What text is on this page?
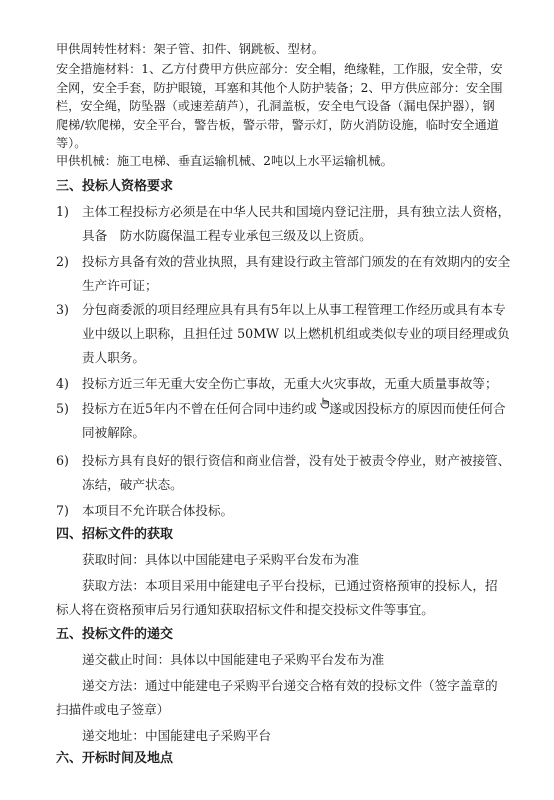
甲供周转性材料：架子管、扣件、钢跳板、型材。
安全措施材料：1、乙方付费甲方供应部分：安全帽，绝缘鞋，工作服，安全带，安全网，安全手套，防护眼镜，耳塞和其他个人防护装备；2、甲方供应部分：安全围栏，安全绳，防坠器（或速差葫芦），孔洞盖板，安全电气设备（漏电保护器），钢爬梯/软爬梯，安全平台，警告板，警示带，警示灯，防火消防设施，临时安全通道等）。
甲供机械：施工电梯、垂直运输机械、2吨以上水平运输机械。
三、投标人资格要求
1)	主体工程投标方必须是在中华人民共和国境内登记注册，具有独立法人资格，具备　防水防腐保温工程专业承包三级及以上资质。
2)	投标方具备有效的营业执照，具有建设行政主管部门颁发的在有效期内的安全生产许可证；
3)	分包商委派的项目经理应具有具有5年以上从事工程管理工作经历或具有本专业中级以上职称，且担任过 50MW 以上燃机机组或类似专业的项目经理或负责人职务。
4)	投标方近三年无重大安全伤亡事故，无重大火灾事故，无重大质量事故等；
5)	投标方在近5年内不曾在任何合同中违约或　遂或因投标方的原因而使任何合同被解除。
6)	投标方具有良好的银行资信和商业信誉，没有处于被责令停业，财产被接管、冻结，破产状态。
7)	本项目不允许联合体投标。
四、招标文件的获取
获取时间：具体以中国能建电子采购平台发布为准
获取方法：本项目采用中能建电子平台投标，已通过资格预审的投标人，招标人将在资格预审后另行通知获取招标文件和提交投标文件等事宜。
五、投标文件的递交
递交截止时间：具体以中国能建电子采购平台发布为准
递交方法：通过中能建电子采购平台递交合格有效的投标文件（签字盖章的扫描件或电子签章）
递交地址：中国能建电子采购平台
六、开标时间及地点
